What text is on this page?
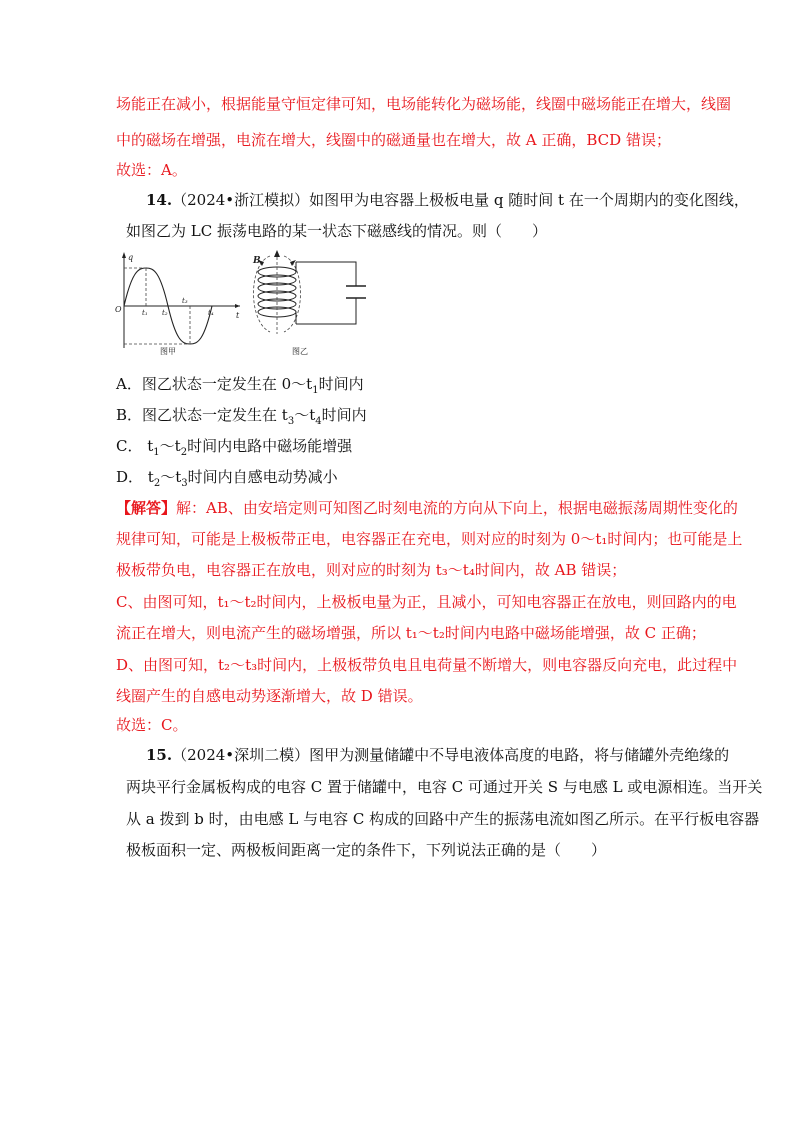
场能正在减小，根据能量守恒定律可知，电场能转化为磁场能，线圈中磁场能正在增大，线圈
中的磁场在增强，电流在增大，线圈中的磁通量也在增大，故 A 正确，BCD 错误；
故选：A。
14.（2024•浙江模拟）如图甲为电容器上极板电量 q 随时间 t 在一个周期内的变化图线，
如图乙为 LC 振荡电路的某一状态下磁感线的情况。则（　　）
q
t
O	t₁ t₂
t₃
t₄
图甲
B
图乙
A．图乙状态一定发生在 $0\sim t_1$时间内
B．图乙状态一定发生在 $t_3\sim t_4$时间内
C． $t_1\sim t_2$时间内电路中磁场能增强
D． $t_2\sim t_3$时间内自感电动势减小
【解答】解：AB、由安培定则可知图乙时刻电流的方向从下向上，根据电磁振荡周期性变化的
规律可知，可能是上极板带正电，电容器正在充电，则对应的时刻为 0～t₁时间内；也可能是上
极板带负电，电容器正在放电，则对应的时刻为 t₃～t₄时间内，故 AB 错误；
C、由图可知，t₁～t₂时间内，上极板电量为正，且减小，可知电容器正在放电，则回路内的电
流正在增大，则电流产生的磁场增强，所以 t₁～t₂时间内电路中磁场能增强，故 C 正确；
D、由图可知，t₂～t₃时间内，上极板带负电且电荷量不断增大，则电容器反向充电，此过程中
线圈产生的自感电动势逐渐增大，故 D 错误。
故选：C。
15.（2024•深圳二模）图甲为测量储罐中不导电液体高度的电路，将与储罐外壳绝缘的
两块平行金属板构成的电容 C 置于储罐中，电容 C 可通过开关 S 与电感 L 或电源相连。当开关
从 a 拨到 b 时，由电感 L 与电容 C 构成的回路中产生的振荡电流如图乙所示。在平行板电容器
极板面积一定、两极板间距离一定的条件下，下列说法正确的是（　　）
